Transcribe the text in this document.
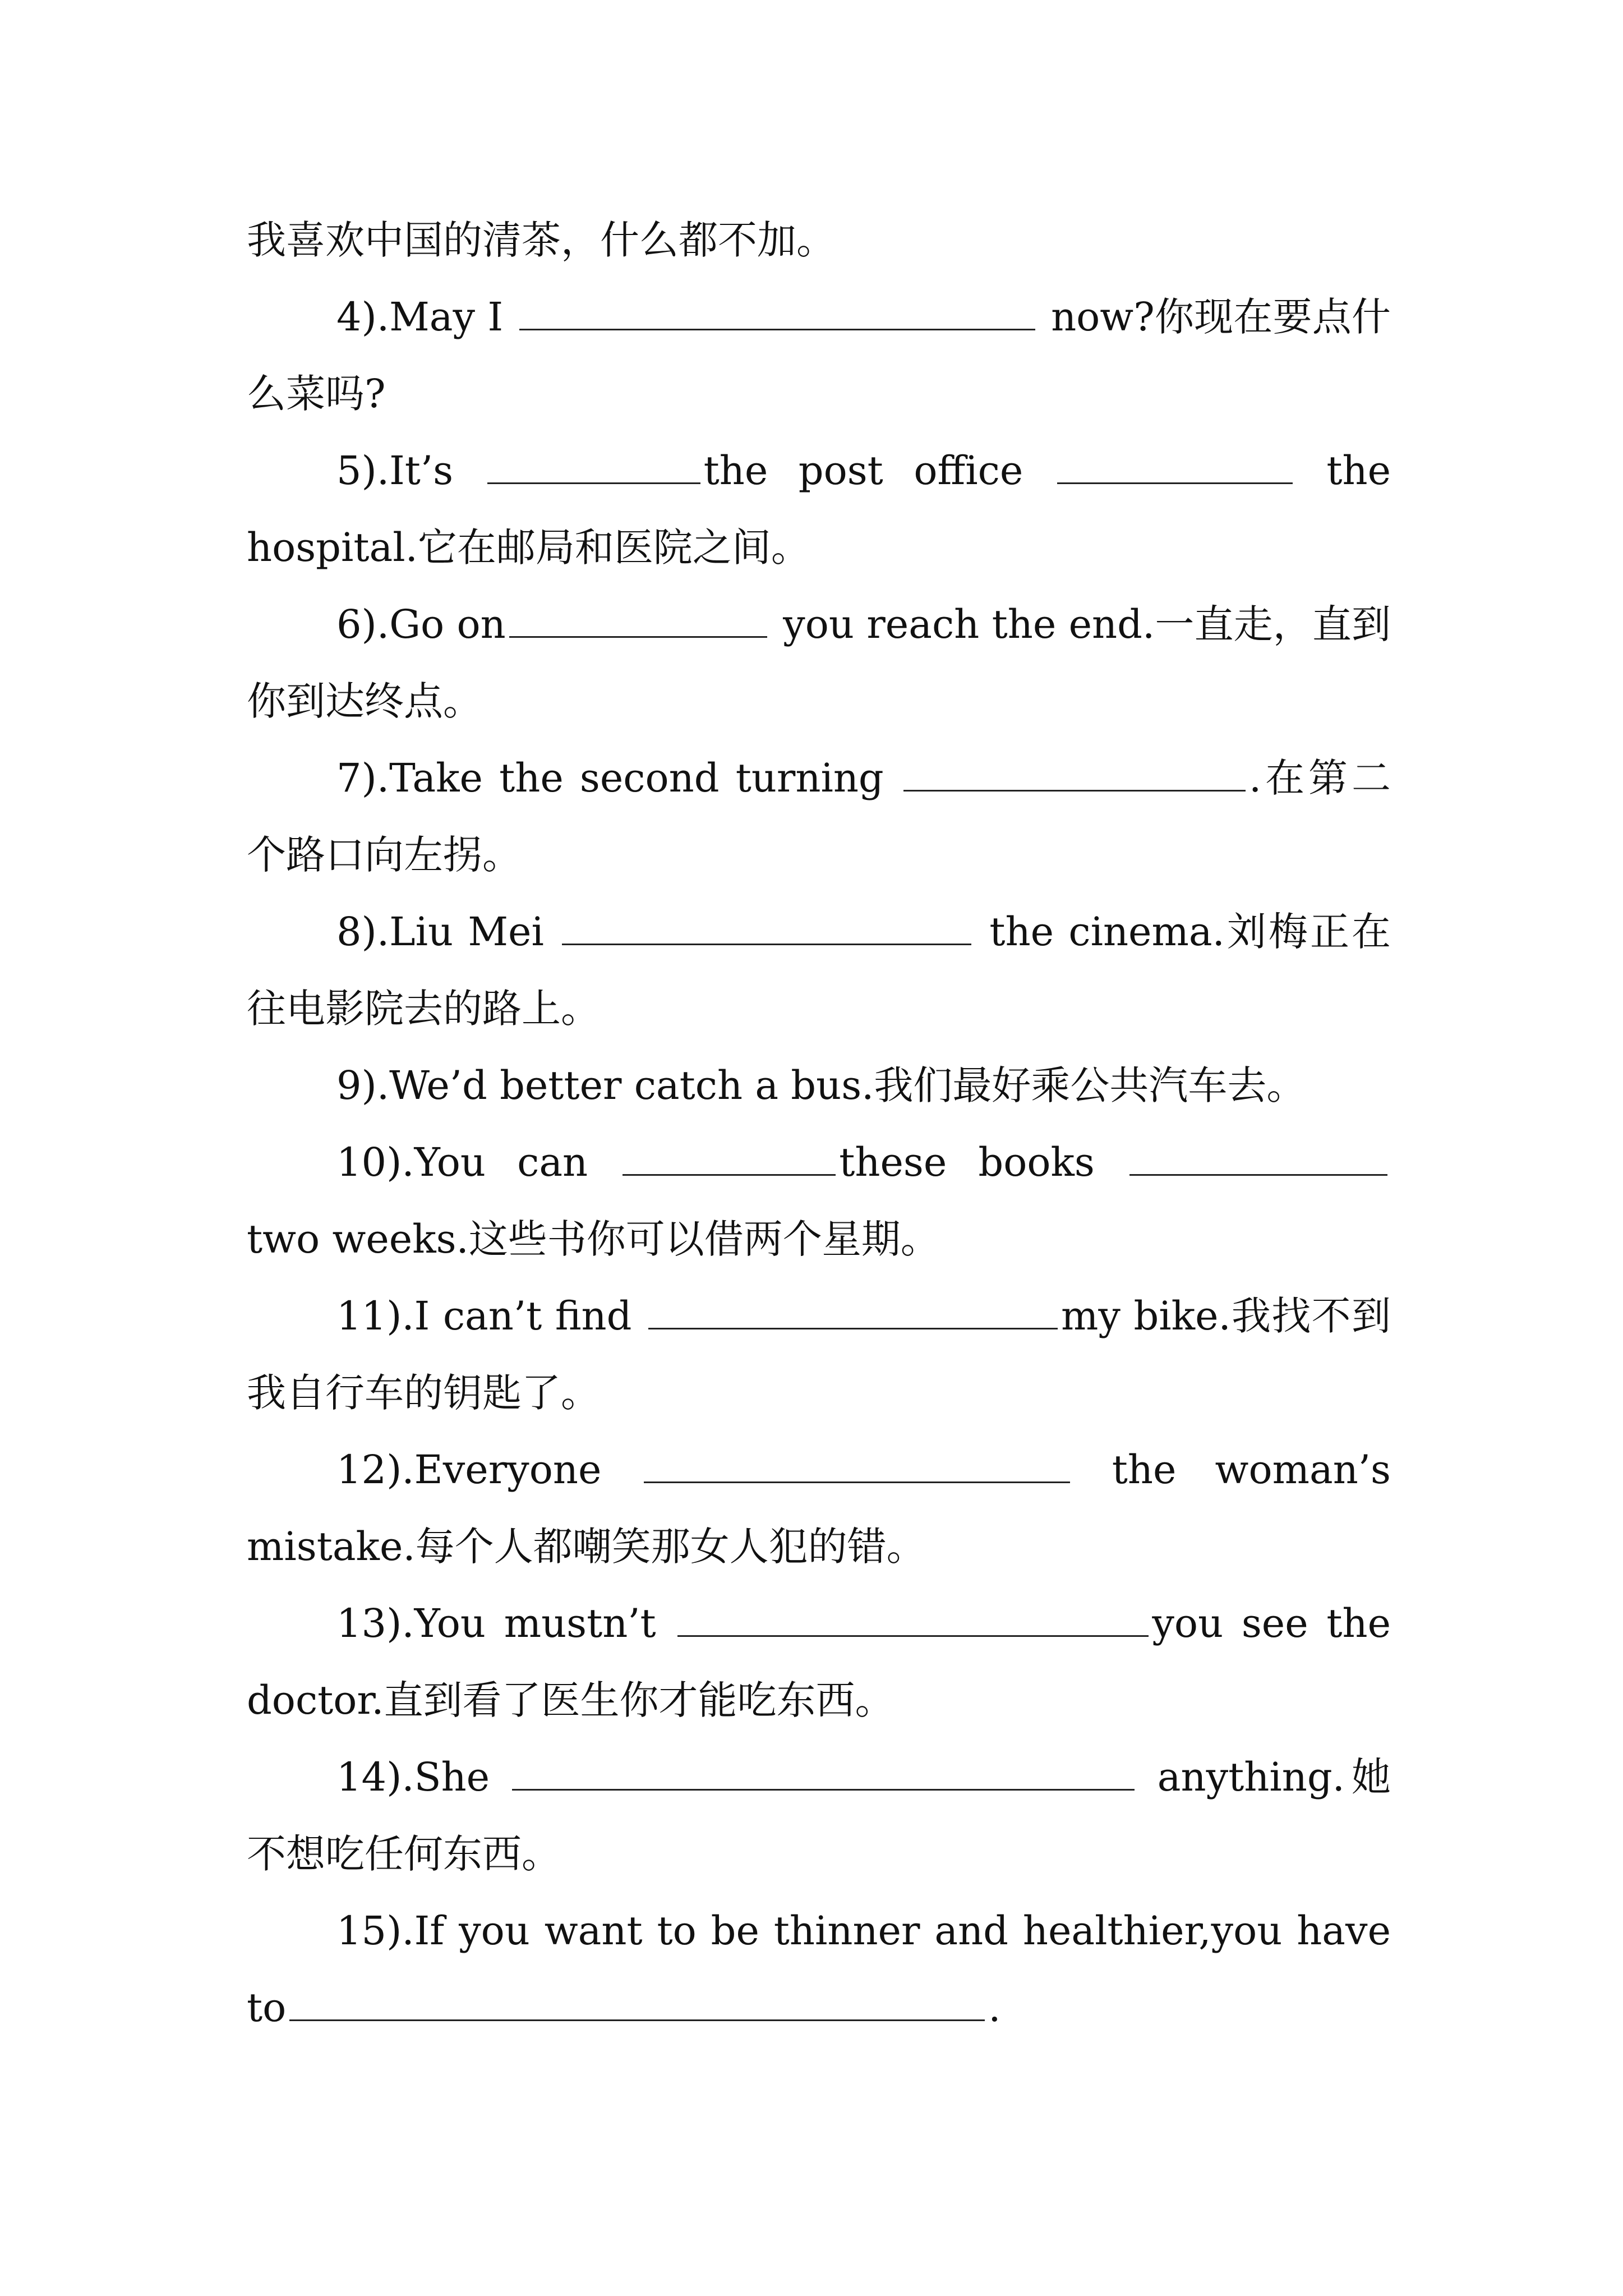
我喜欢中国的清茶，什么都不加。

4).May I	now?你现在要点什么菜吗?

5).It’s	the post office	the hospital.它在邮局和医院之间。

6).Go on	you reach the end.一直走，直到你到达终点。

7).Take the second turning	.在第二个路口向左拐。

8).Liu Mei	the cinema.刘梅正在往电影院去的路上。

9).We’d better catch a bus.我们最好乘公共汽车去。

10).You can	these books	two weeks.这些书你可以借两个星期。

11).I can’t find	my bike.我找不到我自行车的钥匙了。

12).Everyone	the woman’s mistake.每个人都嘲笑那女人犯的错。

13).You mustn’t	you see the doctor.直到看了医生你才能吃东西。

14).She	anything.她不想吃任何东西。

15).If you want to be thinner and healthier,you have to	.
